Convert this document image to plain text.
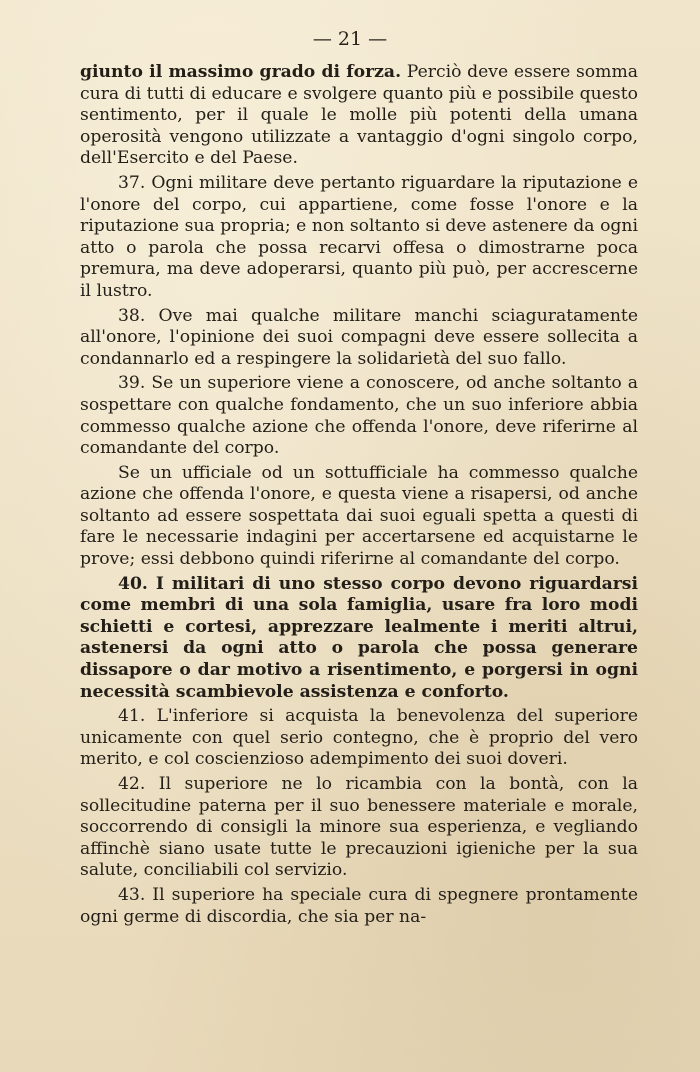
— 21 —

giunto il massimo grado di forza. Perciò deve essere somma cura di tutti di educare e svolgere quanto più e possibile questo sentimento, per il quale le molle più potenti della umana operosità vengono utilizzate a vantaggio d'ogni singolo corpo, dell'Esercito e del Paese.

37. Ogni militare deve pertanto riguardare la riputazione e l'onore del corpo, cui appartiene, come fosse l'onore e la riputazione sua propria; e non soltanto si deve astenere da ogni atto o parola che possa recarvi offesa o dimostrarne poca premura, ma deve adoperarsi, quanto più può, per accrescerne il lustro.

38. Ove mai qualche militare manchi sciaguratamente all'onore, l'opinione dei suoi compagni deve essere sollecita a condannarlo ed a respingere la solidarietà del suo fallo.

39. Se un superiore viene a conoscere, od anche soltanto a sospettare con qualche fondamento, che un suo inferiore abbia commesso qualche azione che offenda l'onore, deve riferirne al comandante del corpo.

Se un ufficiale od un sottufficiale ha commesso qualche azione che offenda l'onore, e questa viene a risapersi, od anche soltanto ad essere sospettata dai suoi eguali spetta a questi di fare le necessarie indagini per accertarsene ed acquistarne le prove; essi debbono quindi riferirne al comandante del corpo.

40. I militari di uno stesso corpo devono riguardarsi come membri di una sola famiglia, usare fra loro modi schietti e cortesi, apprezzare lealmente i meriti altrui, astenersi da ogni atto o parola che possa generare dissapore o dar motivo a risentimento, e porgersi in ogni necessità scambievole assistenza e conforto.

41. L'inferiore si acquista la benevolenza del superiore unicamente con quel serio contegno, che è proprio del vero merito, e col coscienzioso adempimento dei suoi doveri.

42. Il superiore ne lo ricambia con la bontà, con la sollecitudine paterna per il suo benessere materiale e morale, soccorrendo di consigli la minore sua esperienza, e vegliando affinchè siano usate tutte le precauzioni igieniche per la sua salute, conciliabili col servizio.

43. Il superiore ha speciale cura di spegnere prontamente ogni germe di discordia, che sia per na-
